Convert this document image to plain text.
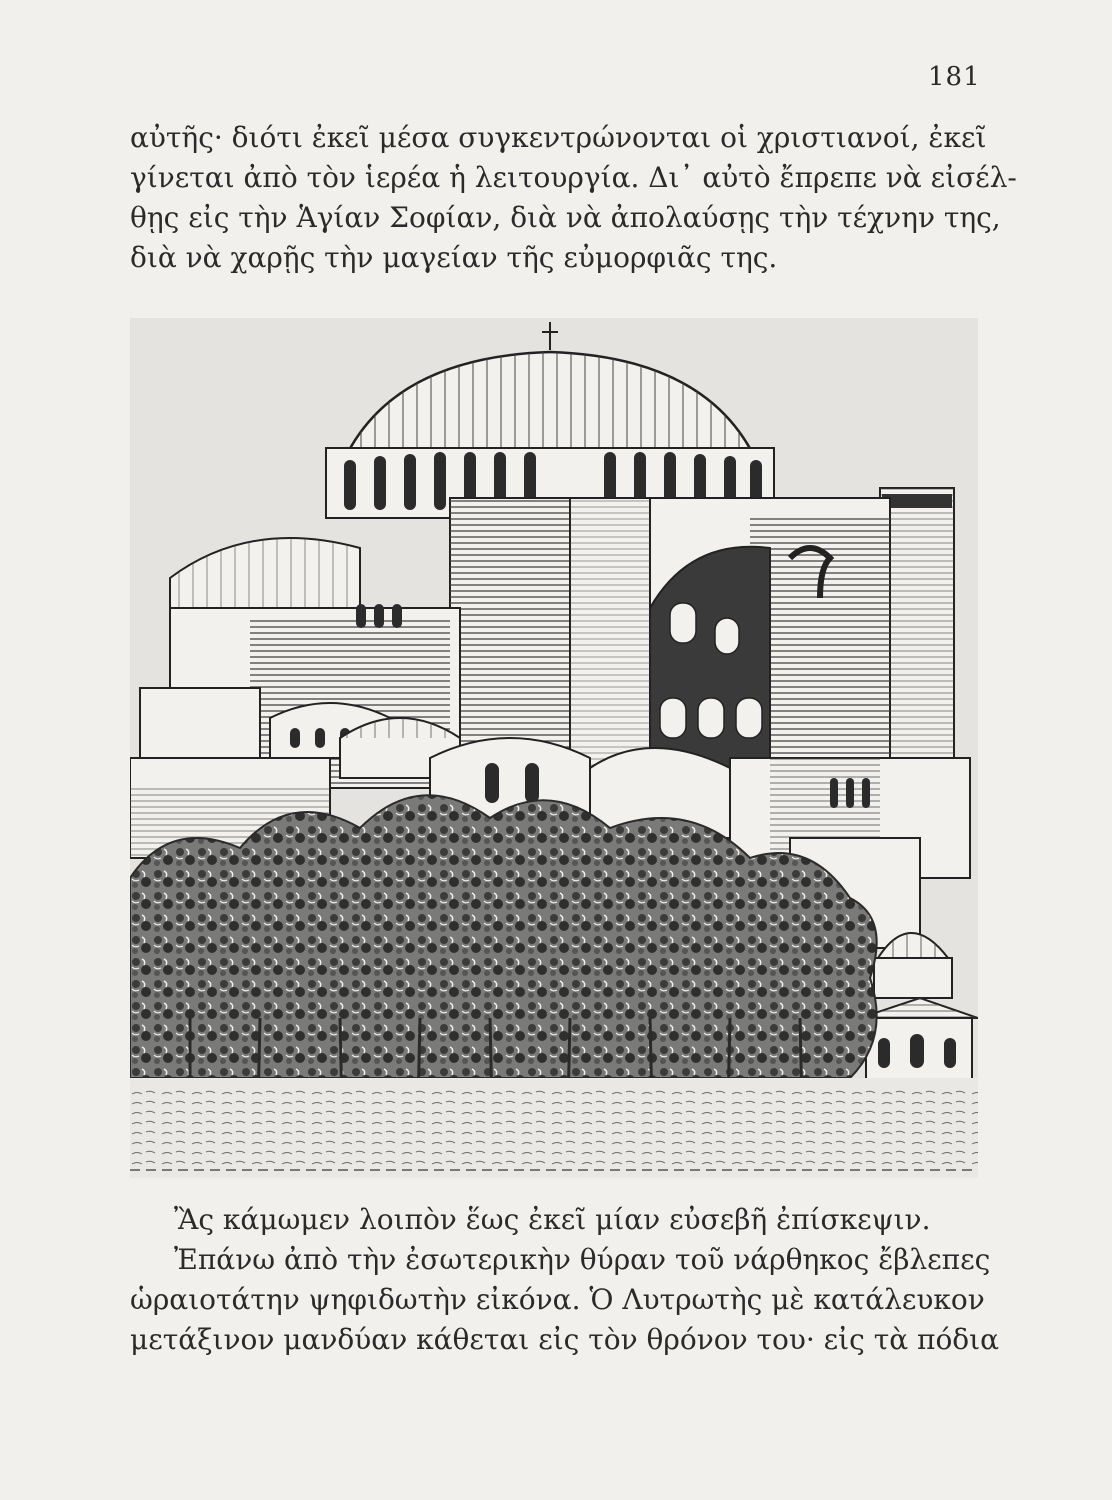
181
αὐτῆς· διότι ἐκεῖ μέσα συγκεντρώνονται οἱ χριστιανοί, ἐκεῖ
γίνεται ἀπὸ τὸν ἱερέα ἡ λειτουργία. Δι᾽ αὐτὸ ἔπρεπε νὰ εἰσέλ-
θῃς εἰς τὴν Ἁγίαν Σοφίαν, διὰ νὰ ἀπολαύσῃς τὴν τέχνην της,
διὰ νὰ χαρῇς τὴν μαγείαν τῆς εὐμορφιᾶς της.
Ἂς κάμωμεν λοιπὸν ἕως ἐκεῖ μίαν εὐσεβῆ ἐπίσκεψιν.
Ἐπάνω ἀπὸ τὴν ἐσωτερικὴν θύραν τοῦ νάρθηκος ἔβλεπες
ὡραιοτάτην ψηφιδωτὴν εἰκόνα. Ὁ Λυτρωτὴς μὲ κατάλευκον
μετάξινον μανδύαν κάθεται εἰς τὸν θρόνον του· εἰς τὰ πόδια
